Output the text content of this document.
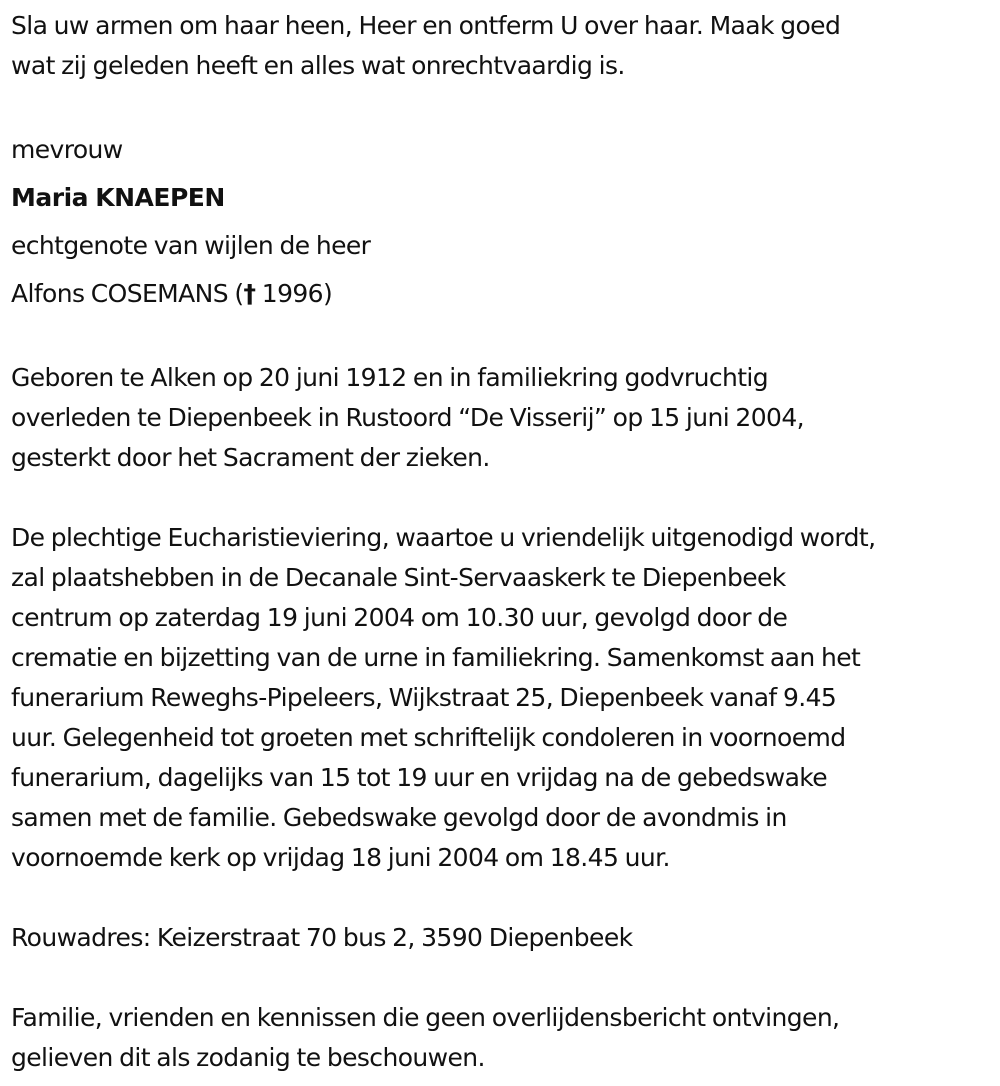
Sla uw armen om haar heen, Heer en ontferm U over haar. Maak goed
wat zij geleden heeft en alles wat onrechtvaardig is.
mevrouw
Maria KNAEPEN
echtgenote van wijlen de heer
Alfons COSEMANS († 1996)
Geboren te Alken op 20 juni 1912 en in familiekring godvruchtig
overleden te Diepenbeek in Rustoord “De Visserij” op 15 juni 2004,
gesterkt door het Sacrament der zieken.
De plechtige Eucharistieviering, waartoe u vriendelijk uitgenodigd wordt,
zal plaatshebben in de Decanale Sint-Servaaskerk te Diepenbeek
centrum op zaterdag 19 juni 2004 om 10.30 uur, gevolgd door de
crematie en bijzetting van de urne in familiekring. Samenkomst aan het
funerarium Reweghs-Pipeleers, Wijkstraat 25, Diepenbeek vanaf 9.45
uur. Gelegenheid tot groeten met schriftelijk condoleren in voornoemd
funerarium, dagelijks van 15 tot 19 uur en vrijdag na de gebedswake
samen met de familie. Gebedswake gevolgd door de avondmis in
voornoemde kerk op vrijdag 18 juni 2004 om 18.45 uur.
Rouwadres: Keizerstraat 70 bus 2, 3590 Diepenbeek
Familie, vrienden en kennissen die geen overlijdensbericht ontvingen,
gelieven dit als zodanig te beschouwen.
